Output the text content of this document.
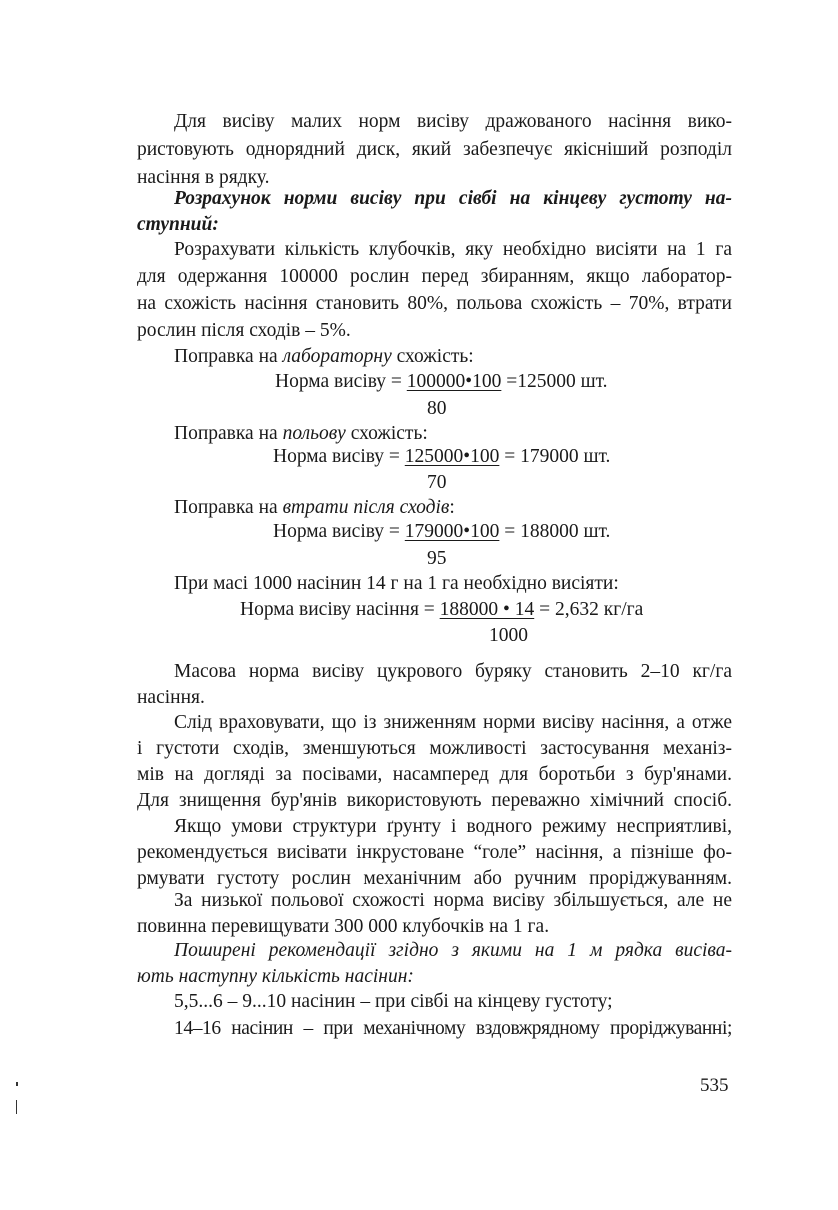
Для висіву малих норм висіву дражованого насіння вико-
ристовують однорядний диск, який забезпечує якісніший розподіл
насіння в рядку.
Розрахунок норми висіву при сівбі на кінцеву густоту на-
ступний:
Розрахувати кількість клубочків, яку необхідно висіяти на 1 га
для одержання 100000 рослин перед збиранням, якщо лаборатор-
на схожість насіння становить 80%, польова схожість – 70%, втрати
рослин після сходів – 5%.
Поправка на лабораторну схожість:
Норма висіву = 100000•100 =125000 шт.
80
Поправка на польову схожість:
Норма висіву = 125000•100 = 179000 шт.
70
Поправка на втрати після сходів:
Норма висіву = 179000•100 = 188000 шт.
95
При масі 1000 насінин 14 г на 1 га необхідно висіяти:
Норма висіву насіння = 188000 • 14 = 2,632 кг/га
1000
Масова норма висіву цукрового буряку становить 2–10 кг/га
насіння.
Слід враховувати, що із зниженням норми висіву насіння, а отже
і густоти сходів, зменшуються можливості застосування механіз-
мів на догляді за посівами, насамперед для боротьби з бур'янами.
Для знищення бур'янів використовують переважно хімічний спосіб.
Якщо умови структури ґрунту і водного режиму несприятливі,
рекомендується висівати інкрустоване “голе” насіння, а пізніше фо-
рмувати густоту рослин механічним або ручним проріджуванням.
За низької польової схожості норма висіву збільшується, але не
повинна перевищувати 300 000 клубочків на 1 га.
Поширені рекомендації згідно з якими на 1 м рядка висіва-
ють наступну кількість насінин:
5,5...6 – 9...10 насінин – при сівбі на кінцеву густоту;
14–16 насінин – при механічному вздовжрядному проріджуванні;
535
